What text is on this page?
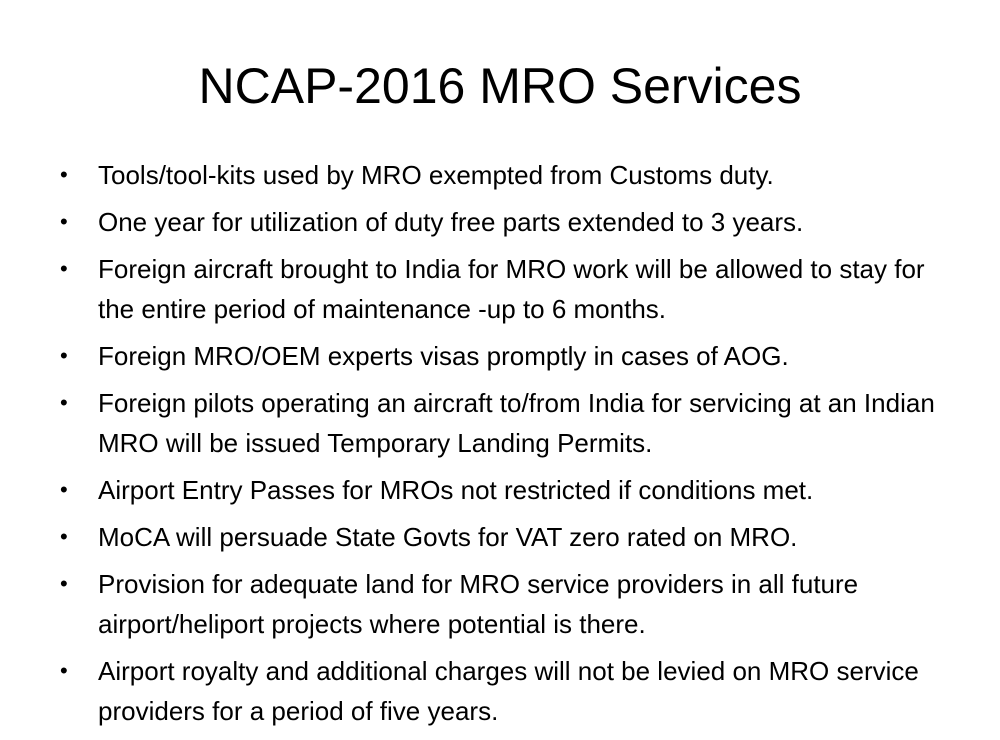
NCAP-2016 MRO Services
•	Tools/tool-kits used by MRO exempted from Customs duty.
•	One year for utilization of duty free parts extended to 3 years.
•	Foreign aircraft brought to India for MRO work will be allowed to stay for the entire period of maintenance -up to 6 months.
•	Foreign MRO/OEM experts visas promptly in cases of AOG.
•	Foreign pilots operating an aircraft to/from India for servicing at an Indian MRO will be issued Temporary Landing Permits.
•	Airport Entry Passes for MROs not restricted if conditions met.
•	MoCA will persuade State Govts for VAT zero rated on MRO.
•	Provision for adequate land for MRO service providers in all future airport/heliport projects where potential is there.
•	Airport royalty and additional charges will not be levied on MRO service providers for a period of five years.
